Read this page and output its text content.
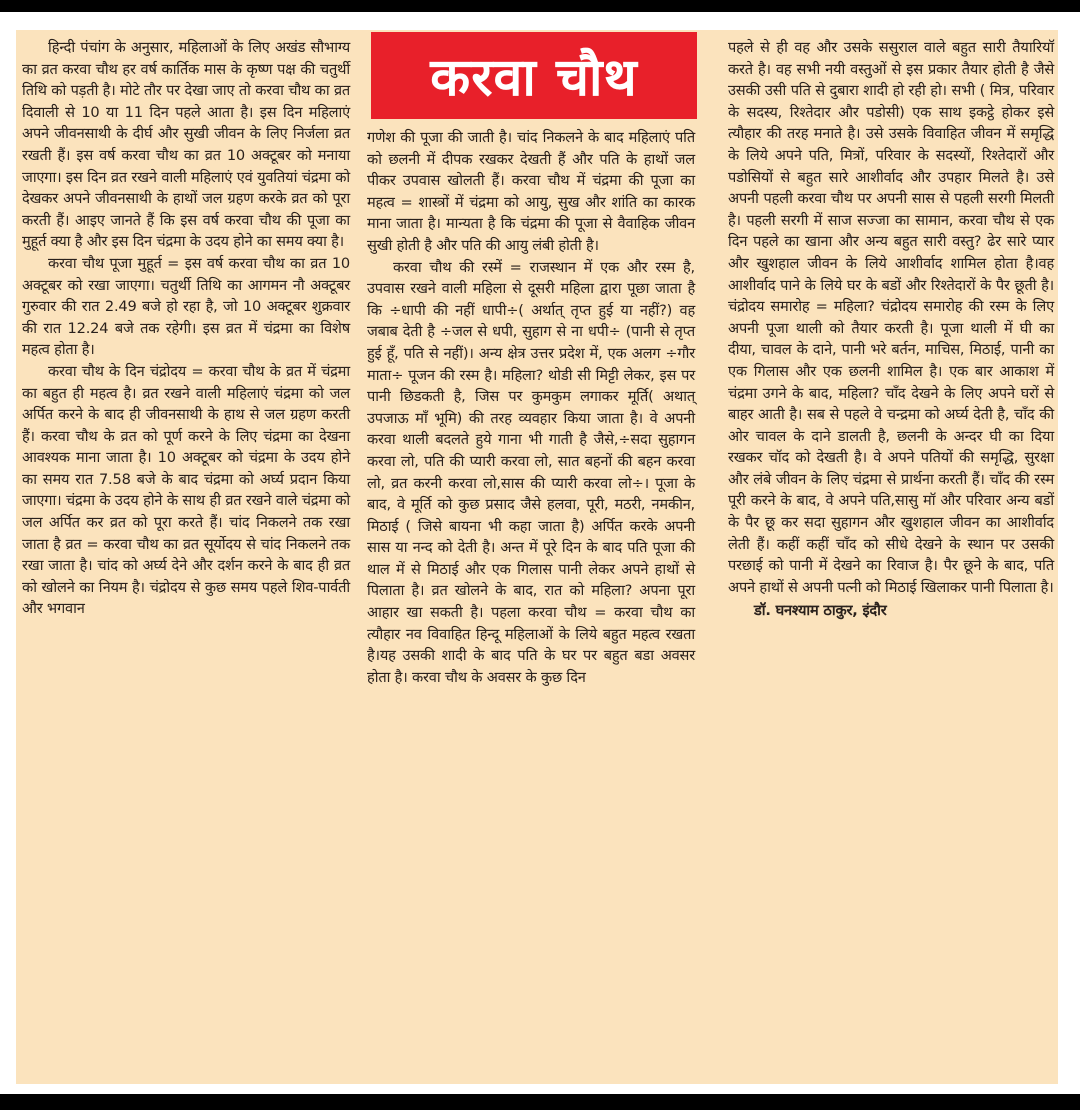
हिन्दी पंचांग के अनुसार, महिलाओं के लिए अखंड सौभाग्य का व्रत करवा चौथ हर वर्ष कार्तिक मास के कृष्ण पक्ष की चतुर्थी तिथि को पड़ती है। मोटे तौर पर देखा जाए तो करवा चौथ का व्रत दिवाली से 10 या 11 दिन पहले आता है। इस दिन महिलाएं अपने जीवनसाथी के दीर्घ और सुखी जीवन के लिए निर्जला व्रत रखती हैं। इस वर्ष करवा चौथ का व्रत 10 अक्टूबर को मनाया जाएगा। इस दिन व्रत रखने वाली महिलाएं एवं युवतियां चंद्रमा को देखकर अपने जीवनसाथी के हाथों जल ग्रहण करके व्रत को पूरा करती हैं। आइए जानते हैं कि इस वर्ष करवा चौथ की पूजा का मुहूर्त क्या है और इस दिन चंद्रमा के उदय होने का समय क्या है।

करवा चौथ पूजा मुहूर्त = इस वर्ष करवा चौथ का व्रत 10 अक्टूबर को रखा जाएगा। चतुर्थी तिथि का आगमन नौ अक्टूबर गुरुवार की रात 2.49 बजे हो रहा है, जो 10 अक्टूबर शुक्रवार की रात 12.24 बजे तक रहेगी। इस व्रत में चंद्रमा का विशेष महत्व होता है।

करवा चौथ के दिन चंद्रोदय = करवा चौथ के व्रत में चंद्रमा का बहुत ही महत्व है। व्रत रखने वाली महिलाएं चंद्रमा को जल अर्पित करने के बाद ही जीवनसाथी के हाथ से जल ग्रहण करती हैं। करवा चौथ के व्रत को पूर्ण करने के लिए चंद्रमा का देखना आवश्यक माना जाता है। 10 अक्टूबर को चंद्रमा के उदय होने का समय रात 7.58 बजे के बाद चंद्रमा को अर्घ्य प्रदान किया जाएगा। चंद्रमा के उदय होने के साथ ही व्रत रखने वाले चंद्रमा को जल अर्पित कर व्रत को पूरा करते हैं। चांद निकलने तक रखा जाता है व्रत = करवा चौथ का व्रत सूर्योदय से चांद निकलने तक रखा जाता है। चांद को अर्घ्य देने और दर्शन करने के बाद ही व्रत को खोलने का नियम है। चंद्रोदय से कुछ समय पहले शिव-पार्वती और भगवान

करवा चौथ

गणेश की पूजा की जाती है। चांद निकलने के बाद महिलाएं पति को छलनी में दीपक रखकर देखती हैं और पति के हाथों जल पीकर उपवास खोलती हैं। करवा चौथ में चंद्रमा की पूजा का महत्व = शास्त्रों में चंद्रमा को आयु, सुख और शांति का कारक माना जाता है। मान्यता है कि चंद्रमा की पूजा से वैवाहिक जीवन सुखी होती है और पति की आयु लंबी होती है।

करवा चौथ की रस्में = राजस्थान में एक और रस्म है, उपवास रखने वाली महिला से दूसरी महिला द्वारा पूछा जाता है कि ÷धापी की नहीं धापी÷( अर्थात् तृप्त हुई या नहीं?) वह जबाब देती है ÷जल से धपी, सुहाग से ना धपी÷ (पानी से तृप्त हुई हूँ, पति से नहीं)। अन्य क्षेत्र उत्तर प्रदेश में, एक अलग ÷गौर माता÷ पूजन की रस्म है। महिला? थोडी सी मिट्टी लेकर, इस पर पानी छिडकती है, जिस पर कुमकुम लगाकर मूर्ति( अथात् उपजाऊ माँ भूमि) की तरह व्यवहार किया जाता है। वे अपनी करवा थाली बदलते हुये गाना भी गाती है जैसे,÷सदा सुहागन करवा लो, पति की प्यारी करवा लो, सात बहनों की बहन करवा लो, व्रत करनी करवा लो,सास की प्यारी करवा लो÷। पूजा के बाद, वे मूर्ति को कुछ प्रसाद जैसे हलवा, पूरी, मठरी, नमकीन, मिठाई ( जिसे बायना भी कहा जाता है) अर्पित करके अपनी सास या नन्द को देती है। अन्त में पूरे दिन के बाद पति पूजा की थाल में से मिठाई और एक गिलास पानी लेकर अपने हाथों से पिलाता है। व्रत खोलने के बाद, रात को महिला? अपना पूरा आहार खा सकती है। पहला करवा चौथ = करवा चौथ का त्यौहार नव विवाहित हिन्दू महिलाओं के लिये बहुत महत्व रखता है।यह उसकी शादी के बाद पति के घर पर बहुत बडा अवसर होता है। करवा चौथ के अवसर के कुछ दिन

पहले से ही वह और उसके ससुराल वाले बहुत सारी तैयारियॉ करते है। वह सभी नयी वस्तुओं से इस प्रकार तैयार होती है जैसे उसकी उसी पति से दुबारा शादी हो रही हो। सभी ( मित्र, परिवार के सदस्य, रिश्तेदार और पडोसी) एक साथ इकट्ठे होकर इसे त्यौहार की तरह मनाते है। उसे उसके विवाहित जीवन में समृद्धि के लिये अपने पति, मित्रों, परिवार के सदस्यों, रिश्तेदारों और पडोसियों से बहुत सारे आशीर्वाद और उपहार मिलते है। उसे अपनी पहली करवा चौथ पर अपनी सास से पहली सरगी मिलती है। पहली सरगी में साज सज्जा का सामान, करवा चौथ से एक दिन पहले का खाना और अन्य बहुत सारी वस्तु? ढेर सारे प्यार और खुशहाल जीवन के लिये आशीर्वाद शामिल होता है।वह आशीर्वाद पाने के लिये घर के बडों और रिश्तेदारों के पैर छूती है। चंद्रोदय समारोह = महिला? चंद्रोदय समारोह की रस्म के लिए अपनी पूजा थाली को तैयार करती है। पूजा थाली में घी का दीया, चावल के दाने, पानी भरे बर्तन, माचिस, मिठाई, पानी का एक गिलास और एक छलनी शामिल है। एक बार आकाश में चंद्रमा उगने के बाद, महिला? चाँद देखने के लिए अपने घरों से बाहर आती है। सब से पहले वे चन्द्रमा को अर्घ्य देती है, चाँद की ओर चावल के दाने डालती है, छलनी के अन्दर घी का दिया रखकर चॉद को देखती है। वे अपने पतियों की समृद्धि, सुरक्षा और लंबे जीवन के लिए चंद्रमा से प्रार्थना करती हैं। चाँद की रस्म पूरी करने के बाद, वे अपने पति,सासु मॉ और परिवार अन्य बडों के पैर छू कर सदा सुहागन और खुशहाल जीवन का आशीर्वाद लेती हैं। कहीं कहीं चाँद को सीधे देखने के स्थान पर उसकी परछाई को पानी में देखने का रिवाज है। पैर छूने के बाद, पति अपने हाथों से अपनी पत्नी को मिठाई खिलाकर पानी पिलाता है।

डॉ. घनश्याम ठाकुर, इंदौर
